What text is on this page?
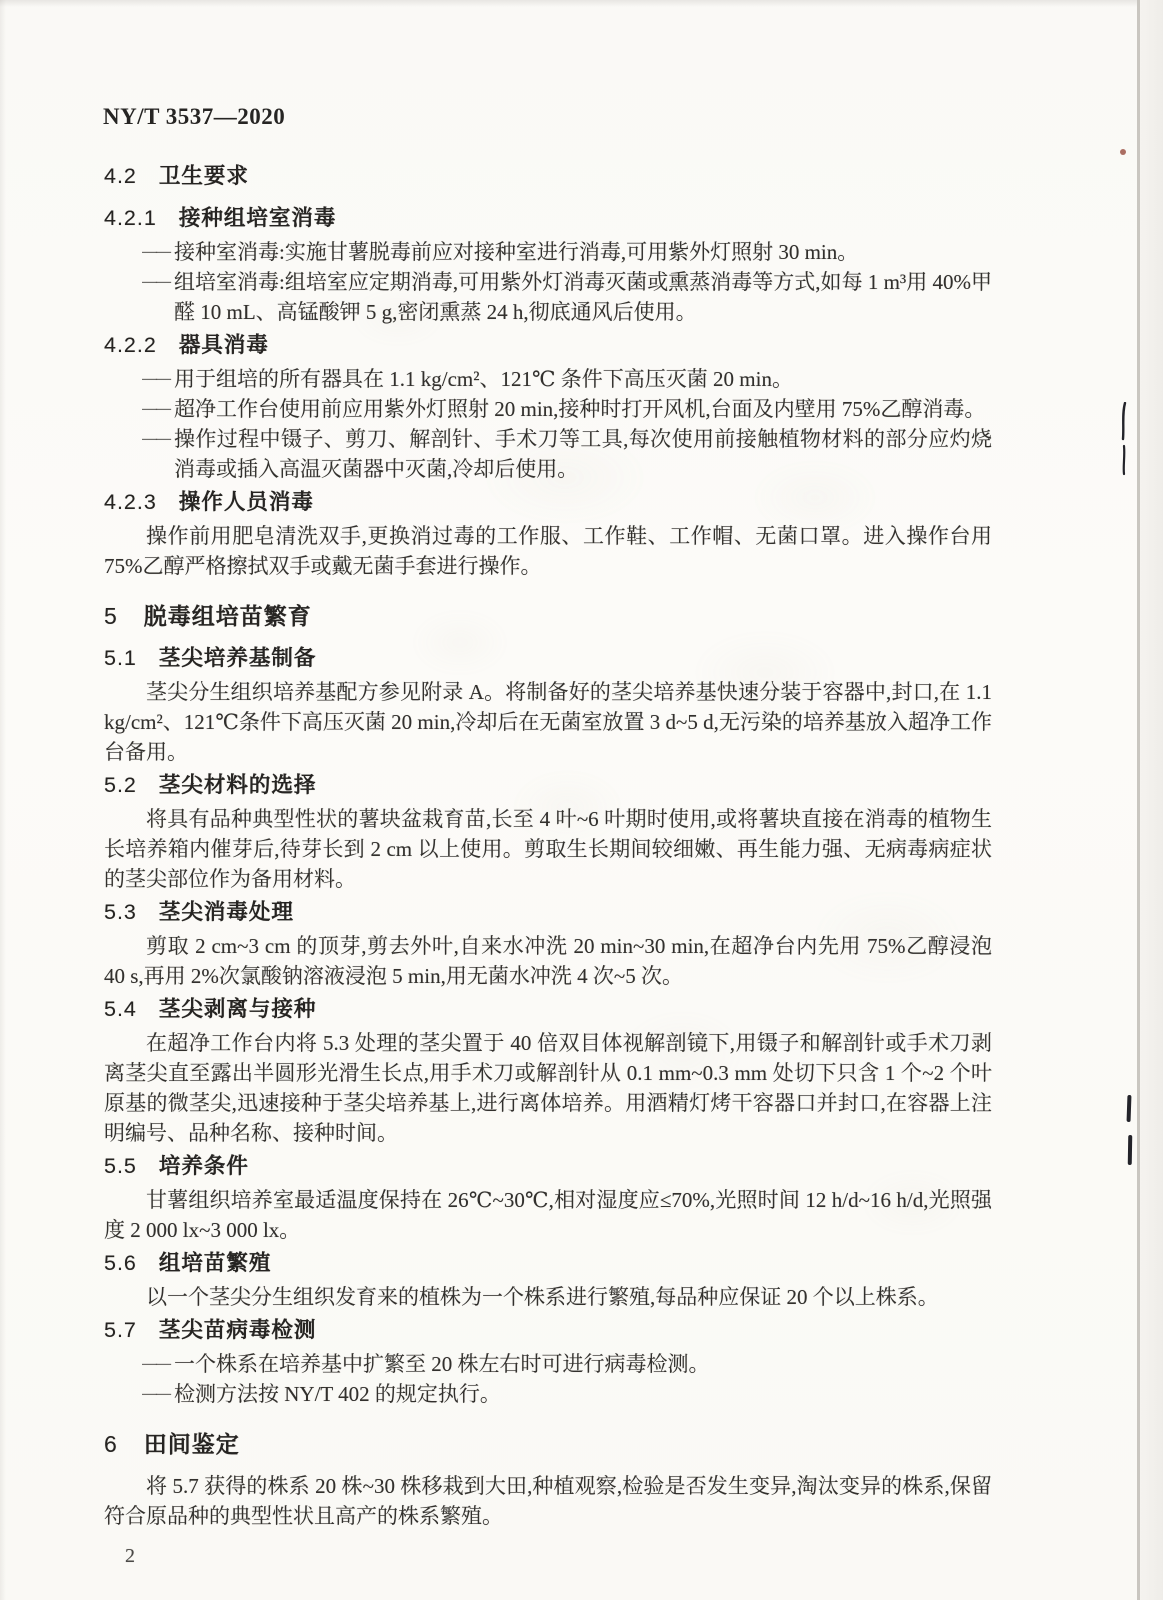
NY/T 3537—2020
4.2 卫生要求
4.2.1 接种组培室消毒
—— 接种室消毒:实施甘薯脱毒前应对接种室进行消毒,可用紫外灯照射 30 min。
—— 组培室消毒:组培室应定期消毒,可用紫外灯消毒灭菌或熏蒸消毒等方式,如每 1 m³用 40%甲醛 10 mL、高锰酸钾 5 g,密闭熏蒸 24 h,彻底通风后使用。
4.2.2 器具消毒
—— 用于组培的所有器具在 1.1 kg/cm²、121℃ 条件下高压灭菌 20 min。
—— 超净工作台使用前应用紫外灯照射 20 min,接种时打开风机,台面及内壁用 75%乙醇消毒。
—— 操作过程中镊子、剪刀、解剖针、手术刀等工具,每次使用前接触植物材料的部分应灼烧消毒或插入高温灭菌器中灭菌,冷却后使用。
4.2.3 操作人员消毒

操作前用肥皂清洗双手,更换消过毒的工作服、工作鞋、工作帽、无菌口罩。进入操作台用 75%乙醇严格擦拭双手或戴无菌手套进行操作。

5 脱毒组培苗繁育
5.1 茎尖培养基制备

茎尖分生组织培养基配方参见附录 A。将制备好的茎尖培养基快速分装于容器中,封口,在 1.1 kg/cm²、121℃条件下高压灭菌 20 min,冷却后在无菌室放置 3 d~5 d,无污染的培养基放入超净工作台备用。

5.2 茎尖材料的选择

将具有品种典型性状的薯块盆栽育苗,长至 4 叶~6 叶期时使用,或将薯块直接在消毒的植物生长培养箱内催芽后,待芽长到 2 cm 以上使用。剪取生长期间较细嫩、再生能力强、无病毒病症状的茎尖部位作为备用材料。

5.3 茎尖消毒处理

剪取 2 cm~3 cm 的顶芽,剪去外叶,自来水冲洗 20 min~30 min,在超净台内先用 75%乙醇浸泡 40 s,再用 2%次氯酸钠溶液浸泡 5 min,用无菌水冲洗 4 次~5 次。

5.4 茎尖剥离与接种

在超净工作台内将 5.3 处理的茎尖置于 40 倍双目体视解剖镜下,用镊子和解剖针或手术刀剥离茎尖直至露出半圆形光滑生长点,用手术刀或解剖针从 0.1 mm~0.3 mm 处切下只含 1 个~2 个叶原基的微茎尖,迅速接种于茎尖培养基上,进行离体培养。用酒精灯烤干容器口并封口,在容器上注明编号、品种名称、接种时间。

5.5 培养条件

甘薯组织培养室最适温度保持在 26℃~30℃,相对湿度应≤70%,光照时间 12 h/d~16 h/d,光照强度 2 000 lx~3 000 lx。

5.6 组培苗繁殖

以一个茎尖分生组织发育来的植株为一个株系进行繁殖,每品种应保证 20 个以上株系。

5.7 茎尖苗病毒检测
—— 一个株系在培养基中扩繁至 20 株左右时可进行病毒检测。
—— 检测方法按 NY/T 402 的规定执行。
6 田间鉴定

将 5.7 获得的株系 20 株~30 株移栽到大田,种植观察,检验是否发生变异,淘汰变异的株系,保留符合原品种的典型性状且高产的株系繁殖。

2
